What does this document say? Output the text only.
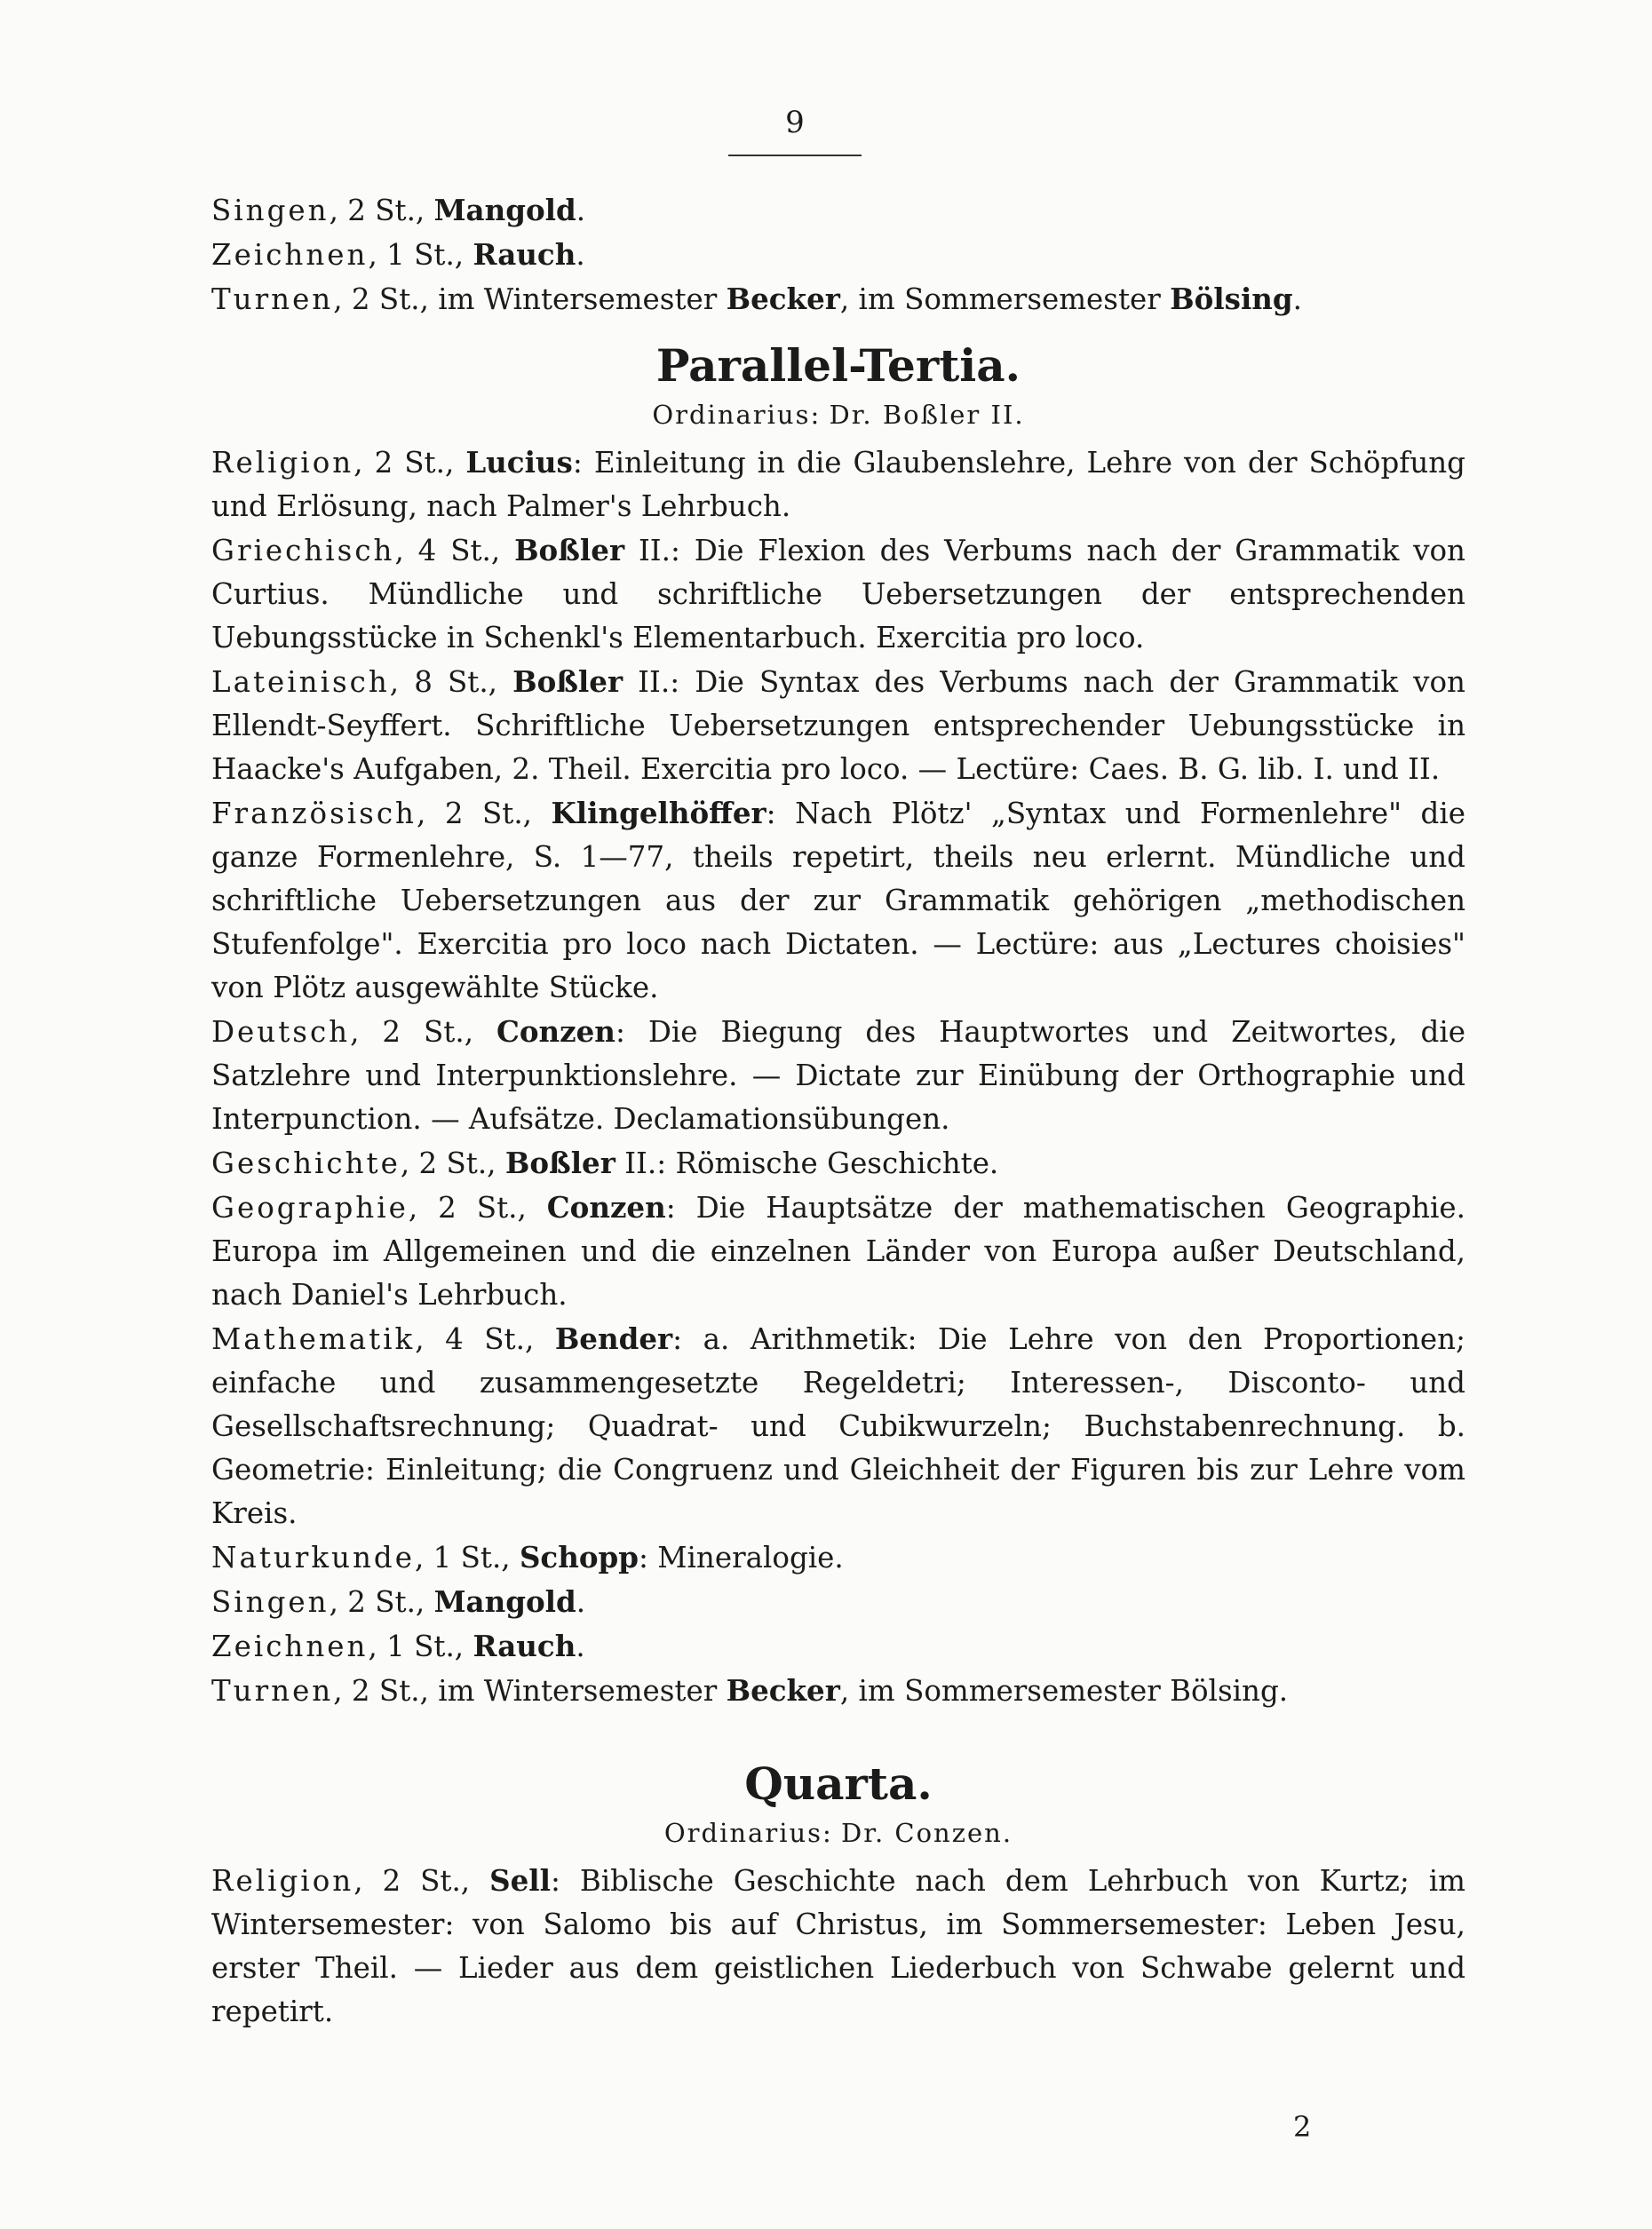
9

Singen, 2 St., Mangold.

Zeichnen, 1 St., Rauch.

Turnen, 2 St., im Wintersemester Becker, im Sommersemester Bölsing.

Parallel-Tertia.
Ordinarius: Dr. Boßler II.

Religion, 2 St., Lucius: Einleitung in die Glaubenslehre, Lehre von der Schöpfung und Erlösung, nach Palmer's Lehrbuch.

Griechisch, 4 St., Boßler II.: Die Flexion des Verbums nach der Grammatik von Curtius. Mündliche und schriftliche Uebersetzungen der entsprechenden Uebungsstücke in Schenkl's Elementarbuch. Exercitia pro loco.

Lateinisch, 8 St., Boßler II.: Die Syntax des Verbums nach der Grammatik von Ellendt-Seyffert. Schriftliche Uebersetzungen entsprechender Uebungsstücke in Haacke's Aufgaben, 2. Theil. Exercitia pro loco. — Lectüre: Caes. B. G. lib. I. und II.

Französisch, 2 St., Klingelhöffer: Nach Plötz' „Syntax und Formenlehre" die ganze Formenlehre, S. 1—77, theils repetirt, theils neu erlernt. Mündliche und schriftliche Uebersetzungen aus der zur Grammatik gehörigen „methodischen Stufenfolge". Exercitia pro loco nach Dictaten. — Lectüre: aus „Lectures choisies" von Plötz ausgewählte Stücke.

Deutsch, 2 St., Conzen: Die Biegung des Hauptwortes und Zeitwortes, die Satzlehre und Interpunktionslehre. — Dictate zur Einübung der Orthographie und Interpunction. — Aufsätze. Declamationsübungen.

Geschichte, 2 St., Boßler II.: Römische Geschichte.

Geographie, 2 St., Conzen: Die Hauptsätze der mathematischen Geographie. Europa im Allgemeinen und die einzelnen Länder von Europa außer Deutschland, nach Daniel's Lehrbuch.

Mathematik, 4 St., Bender: a. Arithmetik: Die Lehre von den Proportionen; einfache und zusammengesetzte Regeldetri; Interessen-, Disconto- und Gesellschaftsrechnung; Quadrat- und Cubikwurzeln; Buchstabenrechnung. b. Geometrie: Einleitung; die Congruenz und Gleichheit der Figuren bis zur Lehre vom Kreis.

Naturkunde, 1 St., Schopp: Mineralogie.

Singen, 2 St., Mangold.

Zeichnen, 1 St., Rauch.

Turnen, 2 St., im Wintersemester Becker, im Sommersemester Bölsing.

Quarta.
Ordinarius: Dr. Conzen.

Religion, 2 St., Sell: Biblische Geschichte nach dem Lehrbuch von Kurtz; im Wintersemester: von Salomo bis auf Christus, im Sommersemester: Leben Jesu, erster Theil. — Lieder aus dem geistlichen Liederbuch von Schwabe gelernt und repetirt.

2
